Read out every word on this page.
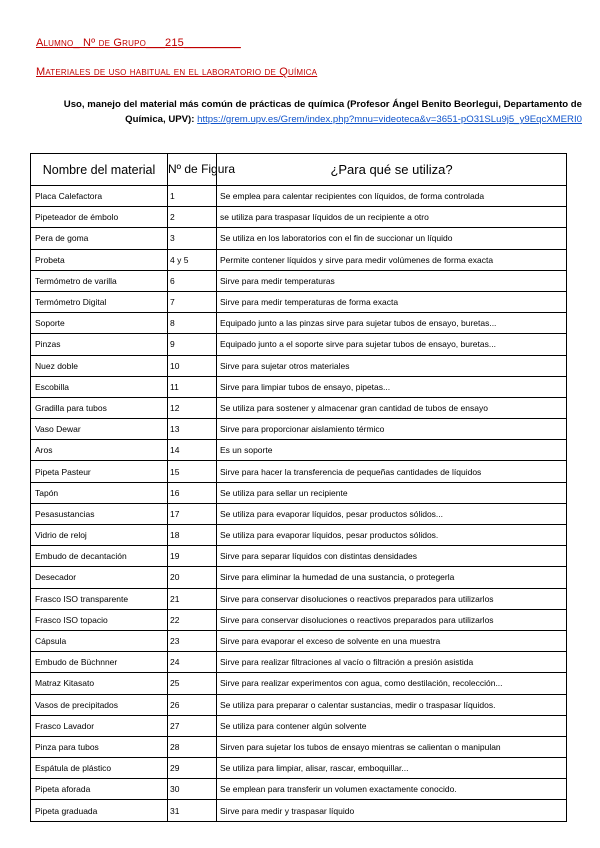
Alumno_ Nº de Grupo___215_________
Materiales de uso habitual en el laboratorio de Química
Uso, manejo del material más común de prácticas de química (Profesor Ángel Benito Beorlegui, Departamento de Química, UPV): https://grem.upv.es/Grem/index.php?mnu=videoteca&v=3651-pO31SLu9j5_y9EqcXMERI0
Nombre del material	Nº de Figura	¿Para qué se utiliza?
Placa Calefactora	1	Se emplea para calentar recipientes con líquidos, de forma controlada
Pipeteador de émbolo	2	se utiliza para traspasar líquidos de un recipiente a otro
Pera de goma	3	Se utiliza en los laboratorios con el fin de succionar un líquido
Probeta	4 y 5	Permite contener líquidos y sirve para medir volúmenes de forma exacta
Termómetro de varilla	6	Sirve para medir temperaturas
Termómetro Digital	7	Sirve para medir temperaturas de forma exacta
Soporte	8	Equipado junto a las pinzas sirve para sujetar tubos de ensayo, buretas...
Pinzas	9	Equipado junto a el soporte sirve para sujetar tubos de ensayo, buretas...
Nuez doble	10	Sirve para sujetar otros materiales
Escobilla	11	Sirve para limpiar tubos de ensayo, pipetas...
Gradilla para tubos	12	Se utiliza para sostener y almacenar gran cantidad de tubos de ensayo
Vaso Dewar	13	Sirve para proporcionar aislamiento térmico
Aros	14	Es un soporte
Pipeta Pasteur	15	Sirve para hacer la transferencia de pequeñas cantidades de líquidos
Tapón	16	Se utiliza para sellar un recipiente
Pesasustancias	17	Se utiliza para evaporar líquidos, pesar productos sólidos...
Vidrio de reloj	18	Se utiliza para evaporar líquidos, pesar productos sólidos.
Embudo de decantación	19	Sirve para separar líquidos con distintas densidades
Desecador	20	Sirve para eliminar la humedad de una sustancia, o protegerla
Frasco ISO transparente	21	Sirve para conservar disoluciones o reactivos preparados para utilizarlos
Frasco ISO topacio	22	Sirve para conservar disoluciones o reactivos preparados para utilizarlos
Cápsula	23	Sirve para evaporar el exceso de solvente en una muestra
Embudo de Büchnner	24	Sirve para realizar filtraciones al vacío o filtración a presión asistida
Matraz Kitasato	25	Sirve para realizar experimentos con agua, como destilación, recolección...
Vasos de precipitados	26	Se utiliza para preparar o calentar sustancias, medir o traspasar líquidos.
Frasco Lavador	27	Se utiliza para contener algún solvente
Pinza para tubos	28	Sirven para sujetar los tubos de ensayo mientras se calientan o manipulan
Espátula de plástico	29	Se utiliza para limpiar, alisar, rascar, emboquillar...
Pipeta aforada	30	Se emplean para transferir un volumen exactamente conocido.
Pipeta graduada	31	Sirve para medir y traspasar líquido
